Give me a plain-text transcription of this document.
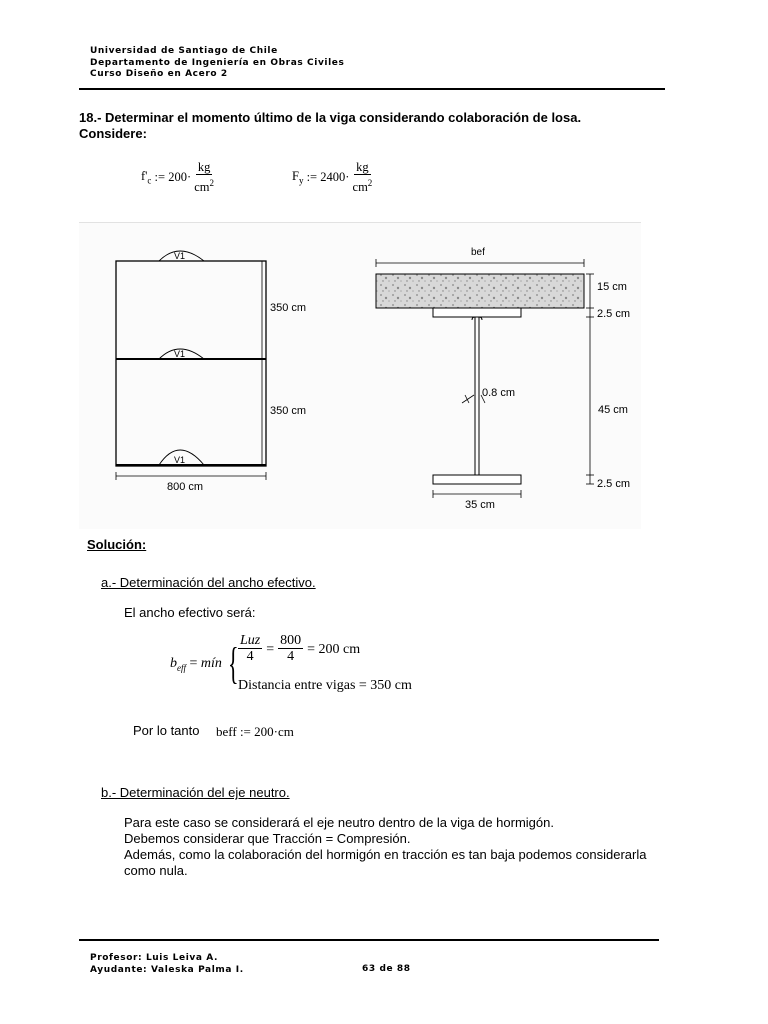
Universidad de Santiago de Chile
Departamento de Ingeniería en Obras Civiles
Curso Diseño en Acero 2
18.- Determinar el momento último de la viga considerando colaboración de losa.
Considere:
$f'_c$ := $200\cdot \frac{kg}{cm^2}$	$F_y$ := $2400\cdot \frac{kg}{cm^2}$
V1
V1
V1
350 cm
350 cm
800 cm
bef
0.8 cm
15 cm
2.5 cm
45 cm
2.5 cm
35 cm
Solución:
a.- Determinación del ancho efectivo.
El ancho efectivo será:
$b_{eff}$ = mín { $\frac{\text{Luz}}{4} = \frac{800}{4} = 200$ cm
Distancia entre vigas = 350 cm
Por lo tanto beff := 200·cm
b.- Determinación del eje neutro.
Para este caso se considerará el eje neutro dentro de la viga de hormigón.
Debemos considerar que Tracción = Compresión.
Además, como la colaboración del hormigón en tracción es tan baja podemos considerarla
como nula.
Profesor: Luis Leiva A.
Ayudante: Valeska Palma I.	63 de 88
